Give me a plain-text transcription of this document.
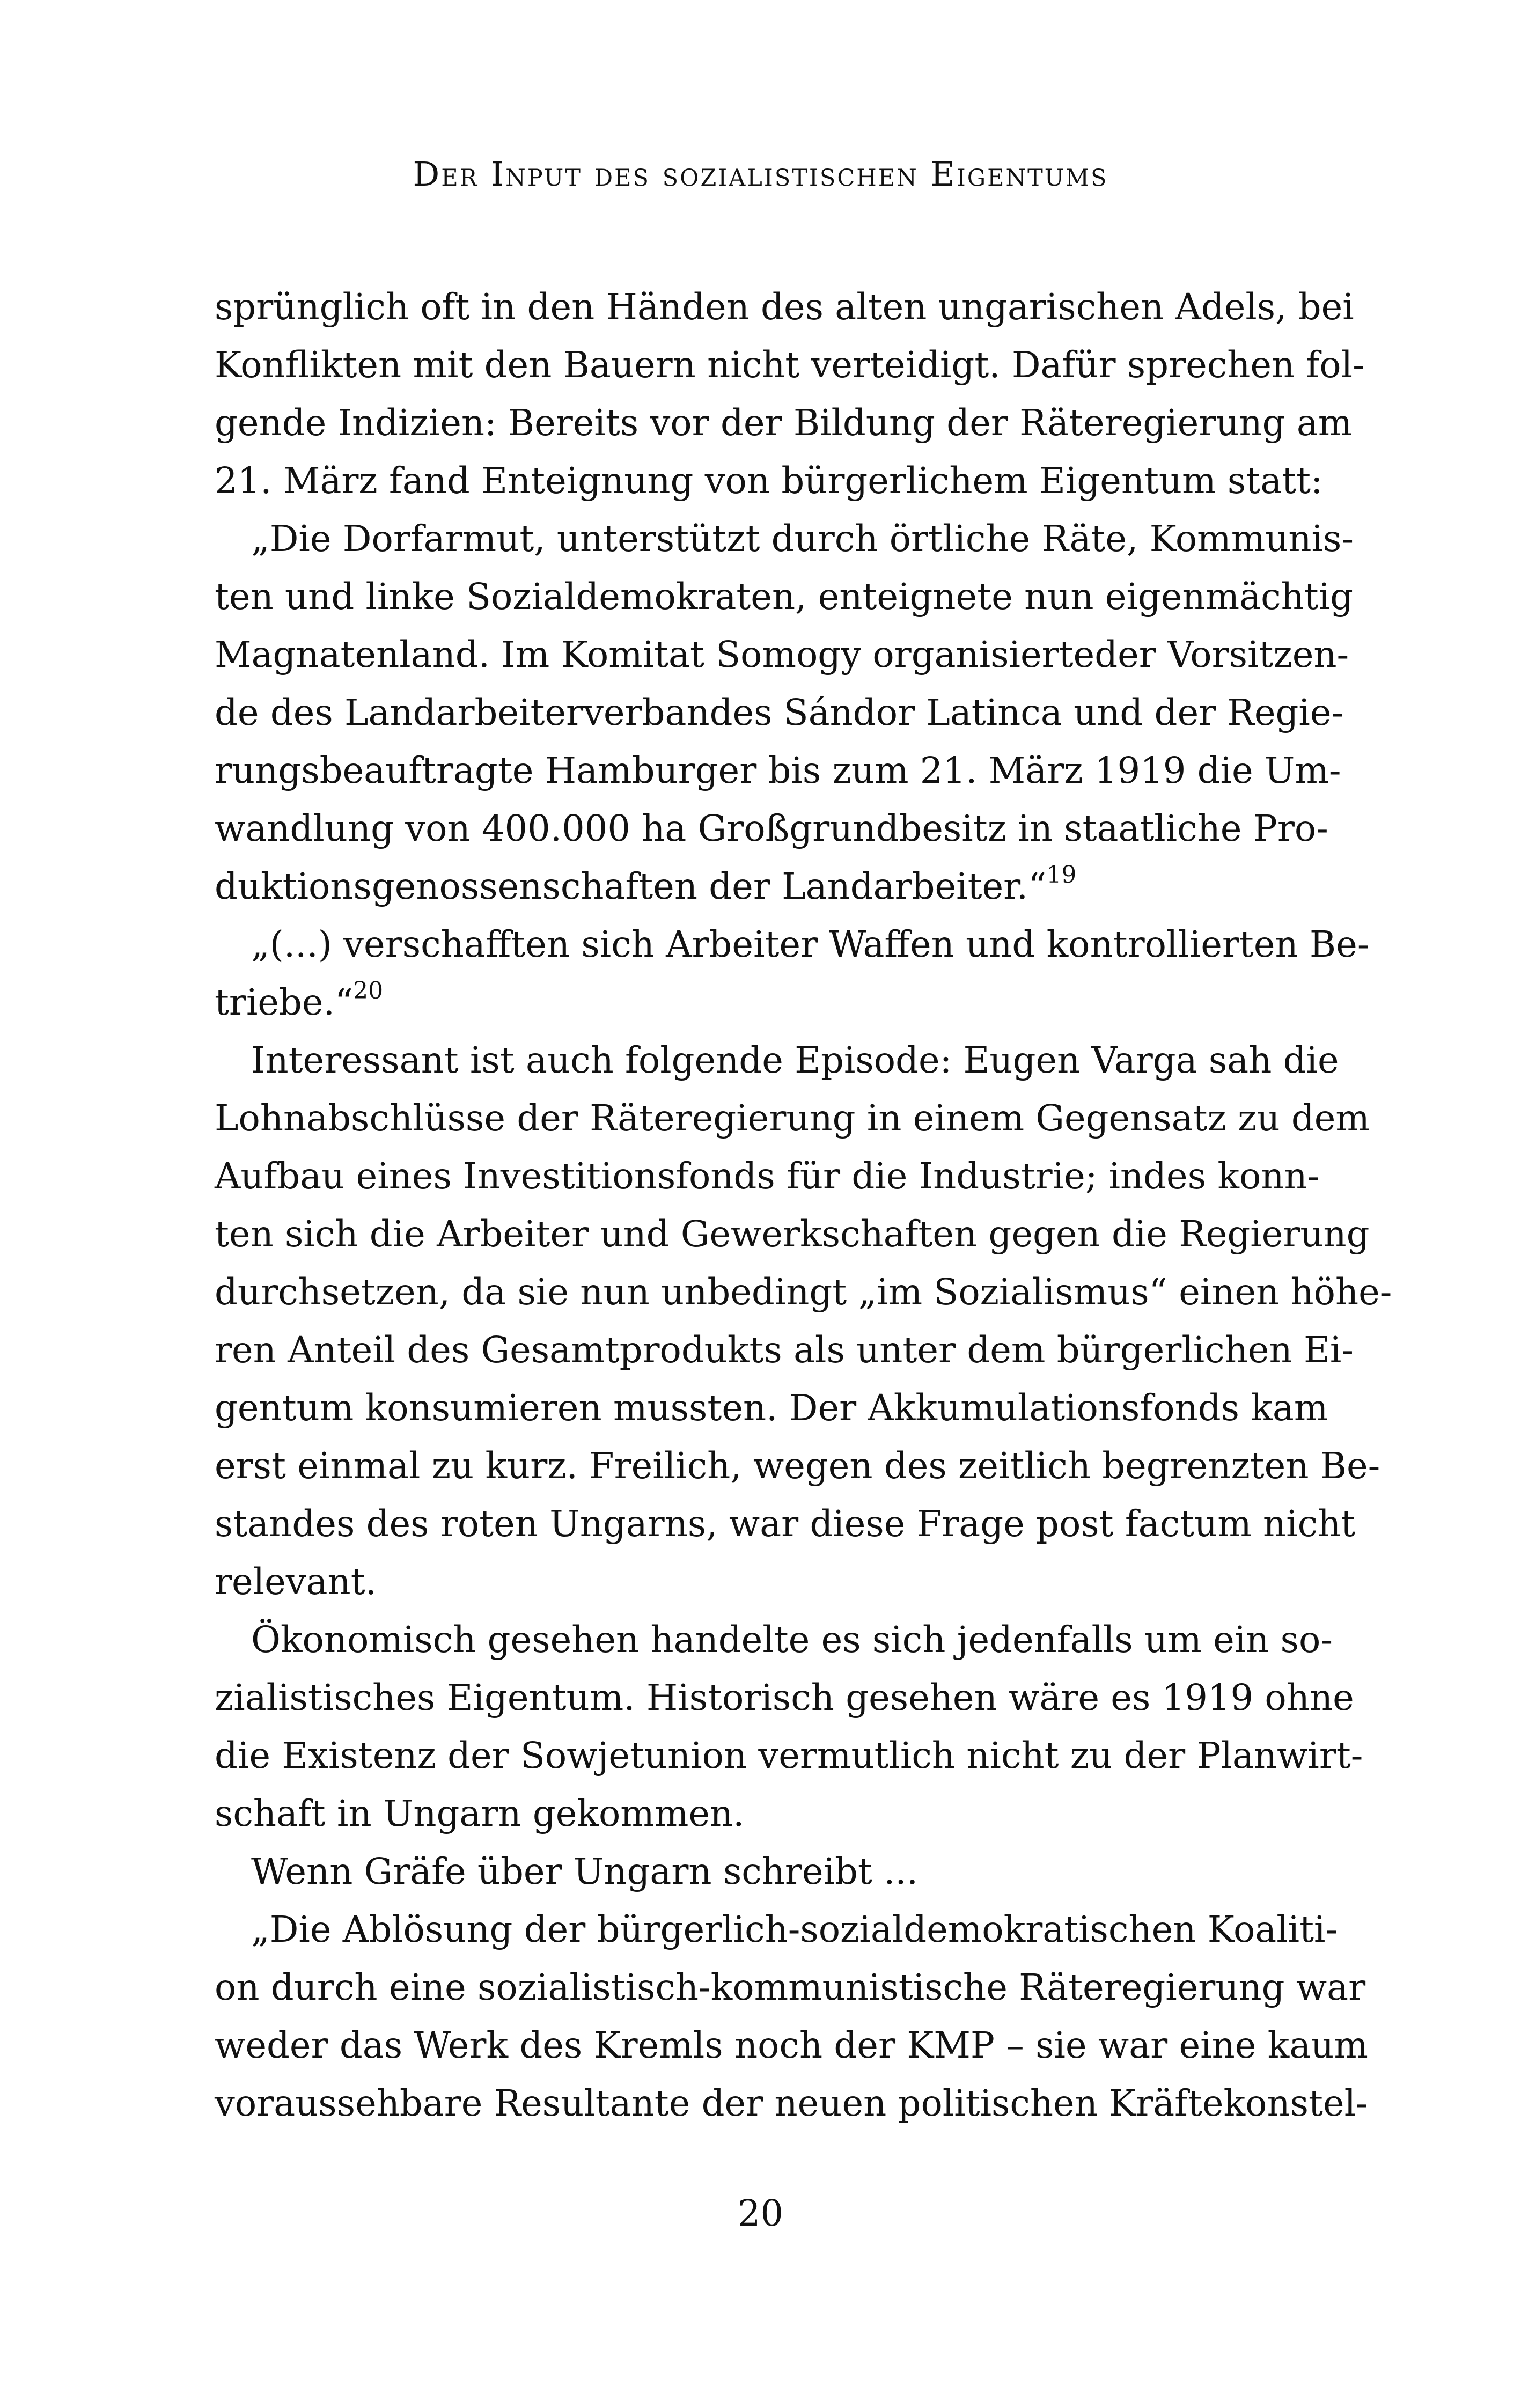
Der Input des sozialistischen Eigentums
sprünglich oft in den Händen des alten ungarischen Adels, bei
Konflikten mit den Bauern nicht verteidigt. Dafür sprechen fol-
gende Indizien: Bereits vor der Bildung der Räteregierung am
21. März fand Enteignung von bürgerlichem Eigentum statt:
„Die Dorfarmut, unterstützt durch örtliche Räte, Kommunis-
ten und linke Sozialdemokraten, enteignete nun eigenmächtig
Magnatenland. Im Komitat Somogy organisierteder Vorsitzen-
de des Landarbeiterverbandes Sándor Latinca und der Regie-
rungsbeauftragte Hamburger bis zum 21. März 1919 die Um-
wandlung von 400.000 ha Großgrundbesitz in staatliche Pro-
duktionsgenossenschaften der Landarbeiter.“$^{19}$
„(...) verschafften sich Arbeiter Waffen und kontrollierten Be-
triebe.“$^{20}$
Interessant ist auch folgende Episode: Eugen Varga sah die
Lohnabschlüsse der Räteregierung in einem Gegensatz zu dem
Aufbau eines Investitionsfonds für die Industrie; indes konn-
ten sich die Arbeiter und Gewerkschaften gegen die Regierung
durchsetzen, da sie nun unbedingt „im Sozialismus“ einen höhe-
ren Anteil des Gesamtprodukts als unter dem bürgerlichen Ei-
gentum konsumieren mussten. Der Akkumulationsfonds kam
erst einmal zu kurz. Freilich, wegen des zeitlich begrenzten Be-
standes des roten Ungarns, war diese Frage post factum nicht
relevant.
Ökonomisch gesehen handelte es sich jedenfalls um ein so-
zialistisches Eigentum. Historisch gesehen wäre es 1919 ohne
die Existenz der Sowjetunion vermutlich nicht zu der Planwirt-
schaft in Ungarn gekommen.
Wenn Gräfe über Ungarn schreibt ...
„Die Ablösung der bürgerlich-sozialdemokratischen Koaliti-
on durch eine sozialistisch-kommunistische Räteregierung war
weder das Werk des Kremls noch der KMP – sie war eine kaum
voraussehbare Resultante der neuen politischen Kräftekonstel-
20
